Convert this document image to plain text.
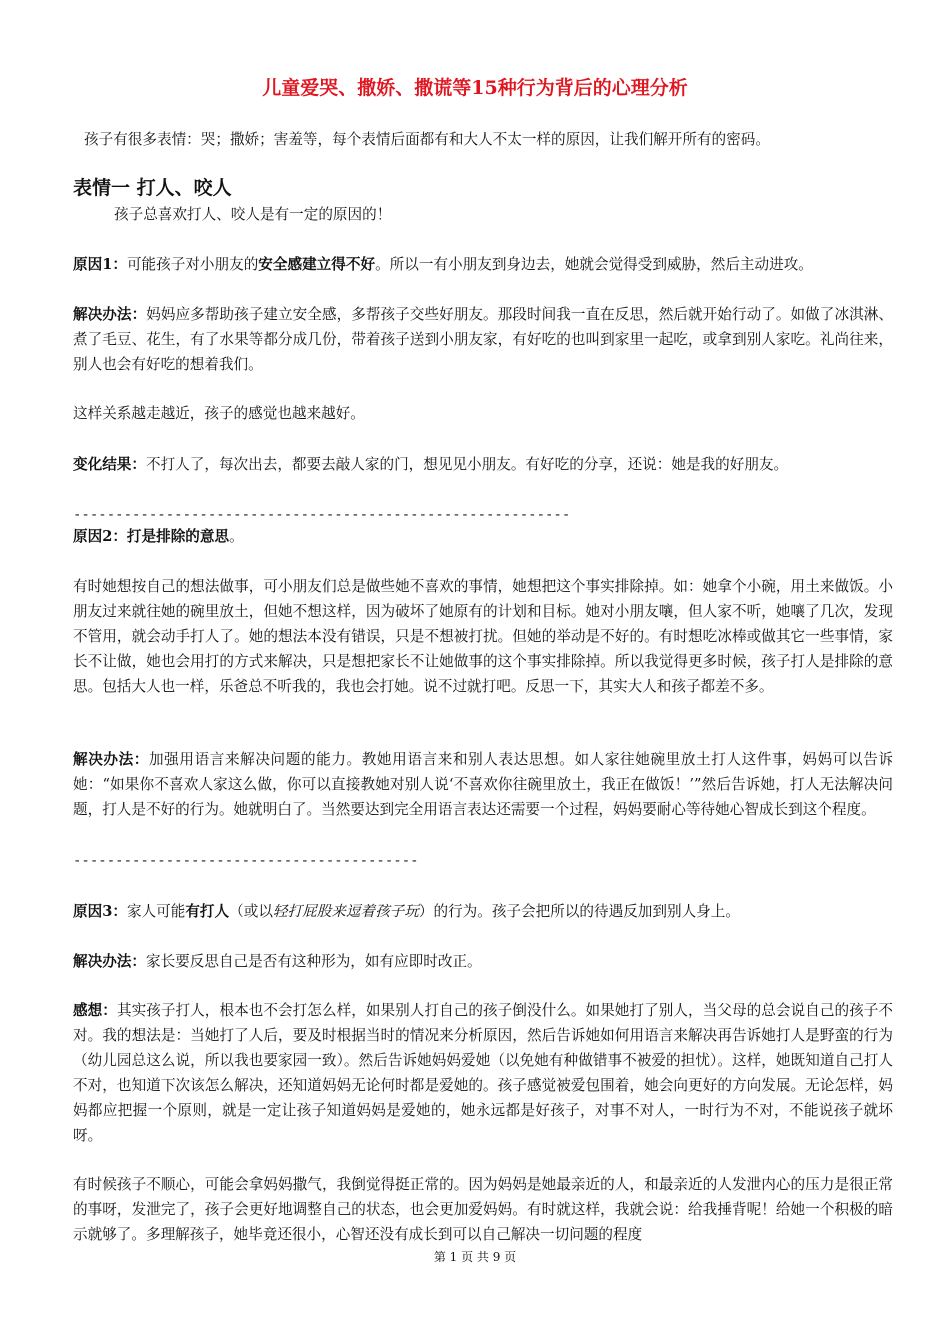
儿童爱哭、撒娇、撒谎等15种行为背后的心理分析
孩子有很多表情：哭；撒娇；害羞等，每个表情后面都有和大人不太一样的原因，让我们解开所有的密码。
表情一 打人、咬人
孩子总喜欢打人、咬人是有一定的原因的！
原因1：可能孩子对小朋友的安全感建立得不好。所以一有小朋友到身边去，她就会觉得受到威胁，然后主动进攻。
解决办法：妈妈应多帮助孩子建立安全感，多帮孩子交些好朋友。那段时间我一直在反思，然后就开始行动了。如做了冰淇淋、煮了毛豆、花生，有了水果等都分成几份，带着孩子送到小朋友家，有好吃的也叫到家里一起吃，或拿到别人家吃。礼尚往来，别人也会有好吃的想着我们。
这样关系越走越近，孩子的感觉也越来越好。
变化结果：不打人了，每次出去，都要去敲人家的门，想见见小朋友。有好吃的分享，还说：她是我的好朋友。
-----------------------------------------------------------
原因2：打是排除的意思。
有时她想按自己的想法做事，可小朋友们总是做些她不喜欢的事情，她想把这个事实排除掉。如：她拿个小碗，用土来做饭。小朋友过来就往她的碗里放土，但她不想这样，因为破坏了她原有的计划和目标。她对小朋友嚷，但人家不听，她嚷了几次，发现不管用，就会动手打人了。她的想法本没有错误，只是不想被打扰。但她的举动是不好的。有时想吃冰棒或做其它一些事情，家长不让做，她也会用打的方式来解决，只是想把家长不让她做事的这个事实排除掉。所以我觉得更多时候，孩子打人是排除的意思。包括大人也一样，乐爸总不听我的，我也会打她。说不过就打吧。反思一下，其实大人和孩子都差不多。
解决办法：加强用语言来解决问题的能力。教她用语言来和别人表达思想。如人家往她碗里放土打人这件事，妈妈可以告诉她：“如果你不喜欢人家这么做，你可以直接教她对别人说‘不喜欢你往碗里放土，我正在做饭！’”然后告诉她，打人无法解决问题，打人是不好的行为。她就明白了。当然要达到完全用语言表达还需要一个过程，妈妈要耐心等待她心智成长到这个程度。
-----------------------------------------
原因3：家人可能有打人（或以轻打屁股来逗着孩子玩）的行为。孩子会把所以的待遇反加到别人身上。
解决办法：家长要反思自己是否有这种形为，如有应即时改正。
感想：其实孩子打人，根本也不会打怎么样，如果别人打自己的孩子倒没什么。如果她打了别人，当父母的总会说自己的孩子不对。我的想法是：当她打了人后，要及时根据当时的情况来分析原因，然后告诉她如何用语言来解决再告诉她打人是野蛮的行为（幼儿园总这么说，所以我也要家园一致）。然后告诉她妈妈爱她（以免她有种做错事不被爱的担忧）。这样，她既知道自己打人不对，也知道下次该怎么解决，还知道妈妈无论何时都是爱她的。孩子感觉被爱包围着，她会向更好的方向发展。无论怎样，妈妈都应把握一个原则，就是一定让孩子知道妈妈是爱她的，她永远都是好孩子，对事不对人，一时行为不对，不能说孩子就坏呀。
有时候孩子不顺心，可能会拿妈妈撒气，我倒觉得挺正常的。因为妈妈是她最亲近的人，和最亲近的人发泄内心的压力是很正常的事呀，发泄完了，孩子会更好地调整自己的状态，也会更加爱妈妈。有时就这样，我就会说：给我捶背呢！给她一个积极的暗示就够了。多理解孩子，她毕竟还很小，心智还没有成长到可以自己解决一切问题的程度
第 1 页 共 9 页
